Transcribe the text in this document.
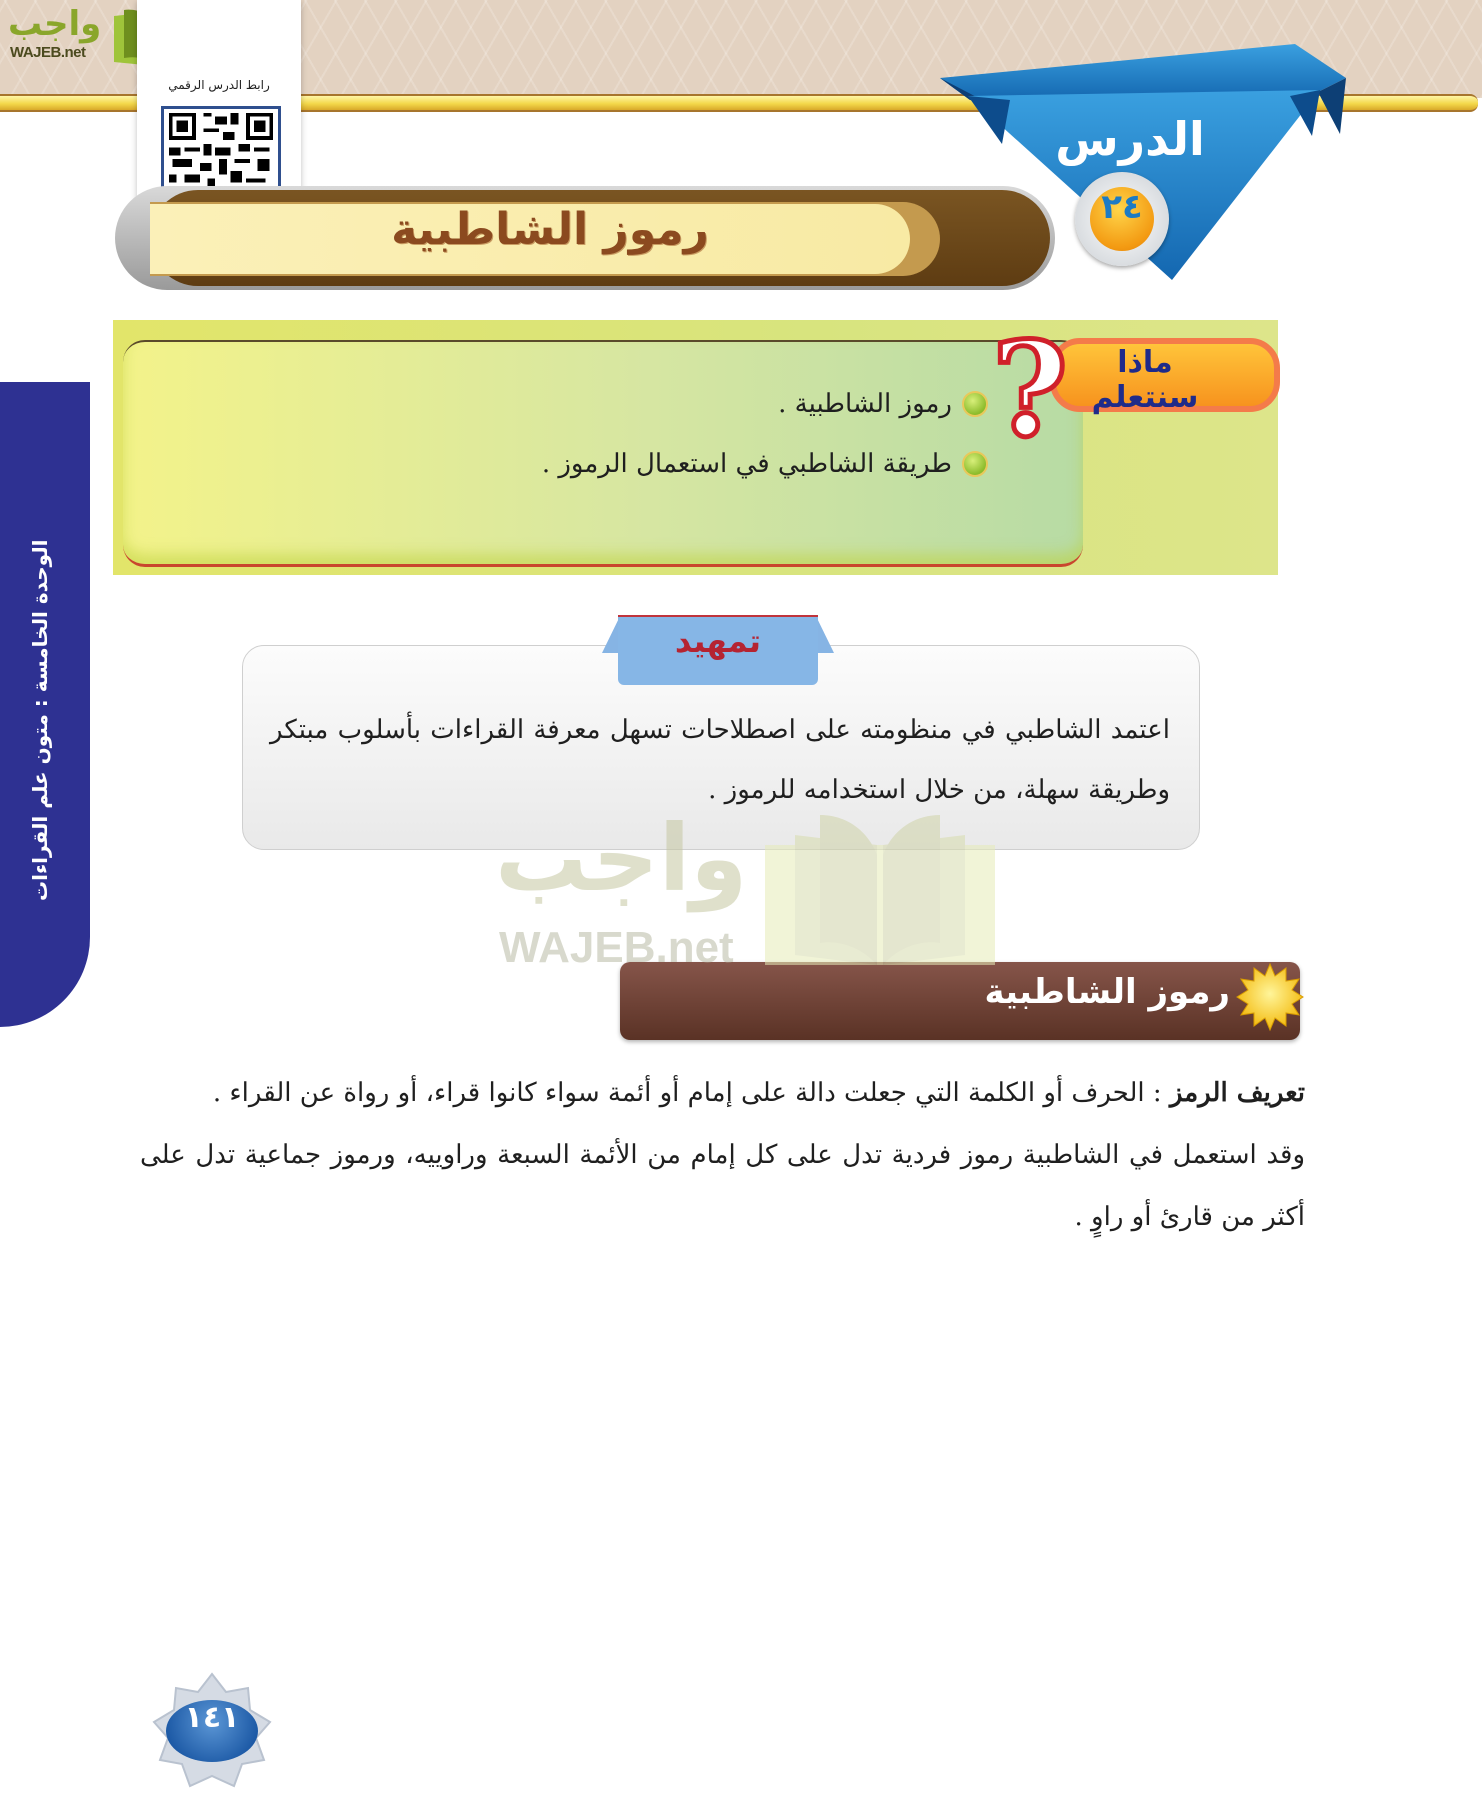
واجب
WAJEB.net
رابط الدرس الرقمي
رموز الشاطبية
الدرس
٢٤
رموز الشاطبية .
طريقة الشاطبي في استعمال الرموز .
ماذا سنتعلم
?
تمهيد
اعتمد الشاطبي في منظومته على اصطلاحات تسهل معرفة القراءات بأسلوب مبتكر وطريقة سهلة، من خلال استخدامه للرموز .
رموز الشاطبية
واجب
WAJEB.net
تعريف الرمز : الحرف أو الكلمة التي جعلت دالة على إمام أو أئمة سواء كانوا قراء، أو رواة عن القراء .
وقد استعمل في الشاطبية رموز فردية تدل على كل إمام من الأئمة السبعة وراوييه، ورموز جماعية تدل على أكثر من قارئ أو راوٍ .
الوحدة الخامسة : متون علم القراءات
١٤١
